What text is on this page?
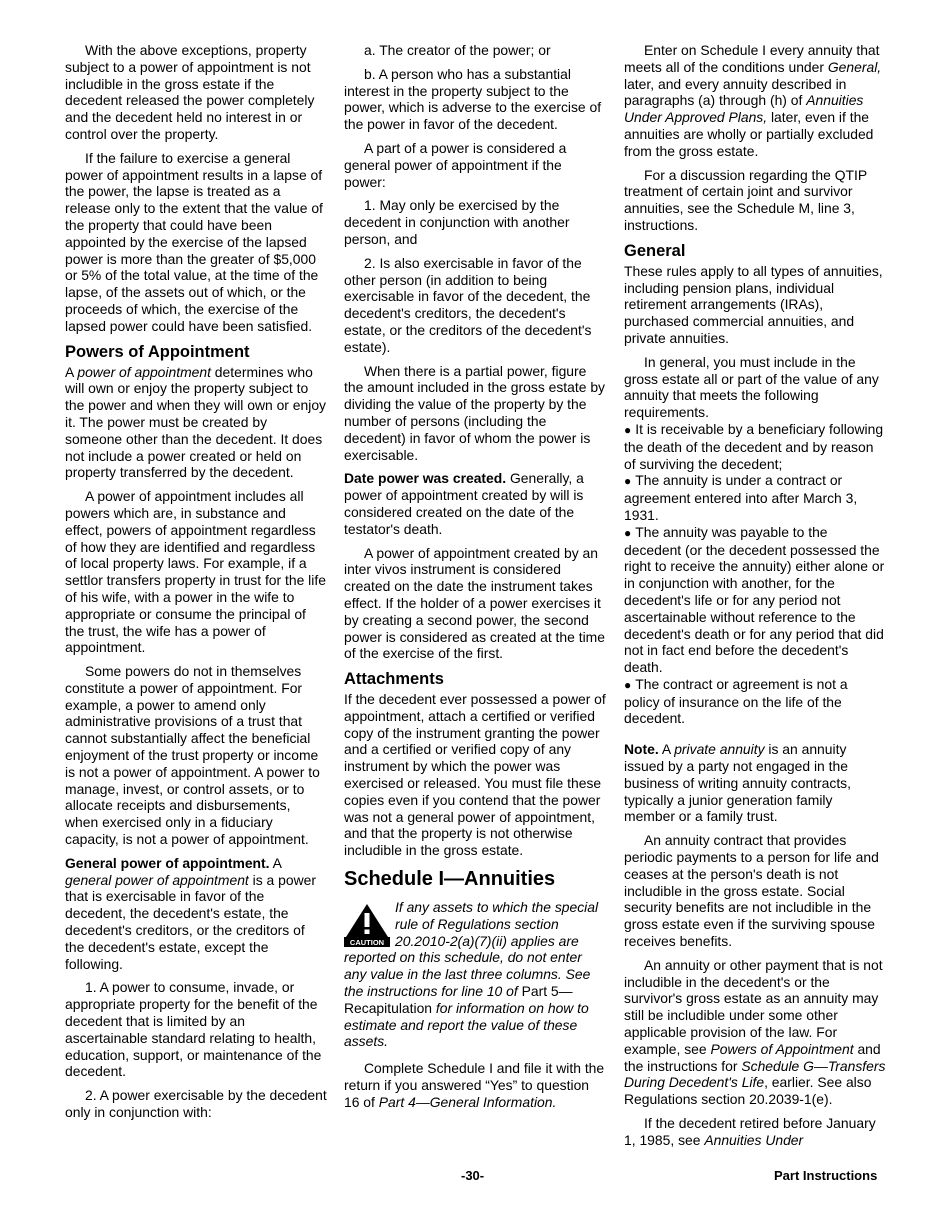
With the above exceptions, property subject to a power of appointment is not includible in the gross estate if the decedent released the power completely and the decedent held no interest in or control over the property.

If the failure to exercise a general power of appointment results in a lapse of the power, the lapse is treated as a release only to the extent that the value of the property that could have been appointed by the exercise of the lapsed power is more than the greater of $5,000 or 5% of the total value, at the time of the lapse, of the assets out of which, or the proceeds of which, the exercise of the lapsed power could have been satisfied.

Powers of Appointment

A power of appointment determines who will own or enjoy the property subject to the power and when they will own or enjoy it. The power must be created by someone other than the decedent. It does not include a power created or held on property transferred by the decedent.

A power of appointment includes all powers which are, in substance and effect, powers of appointment regardless of how they are identified and regardless of local property laws. For example, if a settlor transfers property in trust for the life of his wife, with a power in the wife to appropriate or consume the principal of the trust, the wife has a power of appointment.

Some powers do not in themselves constitute a power of appointment. For example, a power to amend only administrative provisions of a trust that cannot substantially affect the beneficial enjoyment of the trust property or income is not a power of appointment. A power to manage, invest, or control assets, or to allocate receipts and disbursements, when exercised only in a fiduciary capacity, is not a power of appointment.

General power of appointment. A general power of appointment is a power that is exercisable in favor of the decedent, the decedent's estate, the decedent's creditors, or the creditors of the decedent's estate, except the following.

1. A power to consume, invade, or appropriate property for the benefit of the decedent that is limited by an ascertainable standard relating to health, education, support, or maintenance of the decedent.

2. A power exercisable by the decedent only in conjunction with:

a. The creator of the power; or

b. A person who has a substantial interest in the property subject to the power, which is adverse to the exercise of the power in favor of the decedent.

A part of a power is considered a general power of appointment if the power:

1. May only be exercised by the decedent in conjunction with another person, and

2. Is also exercisable in favor of the other person (in addition to being exercisable in favor of the decedent, the decedent's creditors, the decedent's estate, or the creditors of the decedent's estate).

When there is a partial power, figure the amount included in the gross estate by dividing the value of the property by the number of persons (including the decedent) in favor of whom the power is exercisable.

Date power was created. Generally, a power of appointment created by will is considered created on the date of the testator's death.

A power of appointment created by an inter vivos instrument is considered created on the date the instrument takes effect. If the holder of a power exercises it by creating a second power, the second power is considered as created at the time of the exercise of the first.

Attachments

If the decedent ever possessed a power of appointment, attach a certified or verified copy of the instrument granting the power and a certified or verified copy of any instrument by which the power was exercised or released. You must file these copies even if you contend that the power was not a general power of appointment, and that the property is not otherwise includible in the gross estate.

Schedule I—Annuities
CAUTION
If any assets to which the special rule of Regulations section 20.2010-2(a)(7)(ii) applies are reported on this schedule, do not enter any value in the last three columns. See the instructions for line 10 of Part 5—Recapitulation for information on how to estimate and report the value of these assets.

Complete Schedule I and file it with the return if you answered “Yes” to question 16 of Part 4—General Information.

Enter on Schedule I every annuity that meets all of the conditions under General, later, and every annuity described in paragraphs (a) through (h) of Annuities Under Approved Plans, later, even if the annuities are wholly or partially excluded from the gross estate.

For a discussion regarding the QTIP treatment of certain joint and survivor annuities, see the Schedule M, line 3, instructions.

General

These rules apply to all types of annuities, including pension plans, individual retirement arrangements (IRAs), purchased commercial annuities, and private annuities.

In general, you must include in the gross estate all or part of the value of any annuity that meets the following requirements.

● It is receivable by a beneficiary following the death of the decedent and by reason of surviving the decedent;
● The annuity is under a contract or agreement entered into after March 3, 1931.
● The annuity was payable to the decedent (or the decedent possessed the right to receive the annuity) either alone or in conjunction with another, for the decedent's life or for any period not ascertainable without reference to the decedent's death or for any period that did not in fact end before the decedent's death.
● The contract or agreement is not a policy of insurance on the life of the decedent.

Note. A private annuity is an annuity issued by a party not engaged in the business of writing annuity contracts, typically a junior generation family member or a family trust.

An annuity contract that provides periodic payments to a person for life and ceases at the person's death is not includible in the gross estate. Social security benefits are not includible in the gross estate even if the surviving spouse receives benefits.

An annuity or other payment that is not includible in the decedent's or the survivor's gross estate as an annuity may still be includible under some other applicable provision of the law. For example, see Powers of Appointment and the instructions for Schedule G—Transfers During Decedent's Life, earlier. See also Regulations section 20.2039-1(e).

If the decedent retired before January 1, 1985, see Annuities Under

-30-	Part Instructions
